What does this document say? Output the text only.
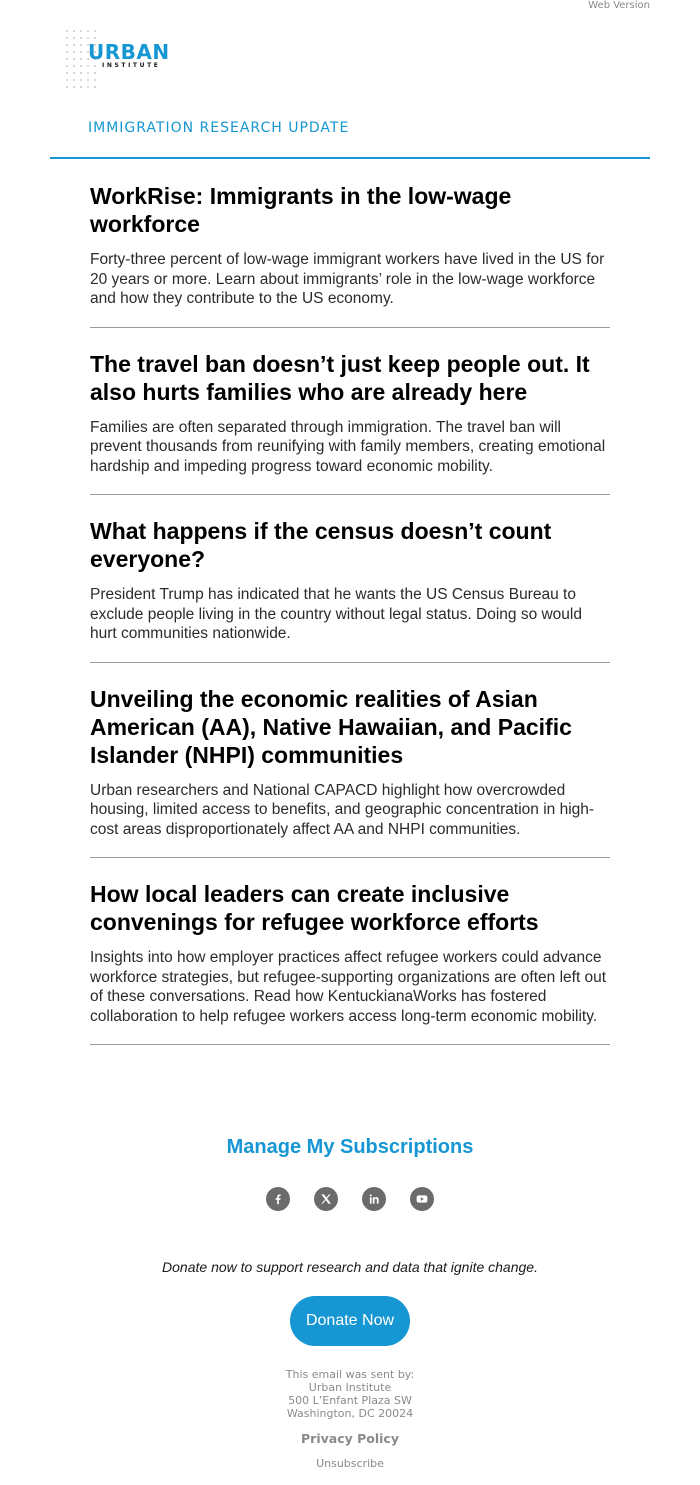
Web Version
URBAN
INSTITUTE
IMMIGRATION RESEARCH UPDATE
WorkRise: Immigrants in the low-wage workforce

Forty-three percent of low-wage immigrant workers have lived in the US for 20 years or more. Learn about immigrants’ role in the low-wage workforce and how they contribute to the US economy.

The travel ban doesn’t just keep people out. It also hurts families who are already here

Families are often separated through immigration. The travel ban will prevent thousands from reunifying with family members, creating emotional hardship and impeding progress toward economic mobility.

What happens if the census doesn’t count everyone?

President Trump has indicated that he wants the US Census Bureau to exclude people living in the country without legal status. Doing so would hurt communities nationwide.

Unveiling the economic realities of Asian American (AA), Native Hawaiian, and Pacific Islander (NHPI) communities

Urban researchers and National CAPACD highlight how overcrowded housing, limited access to benefits, and geographic concentration in high-cost areas disproportionately affect AA and NHPI communities.

How local leaders can create inclusive convenings for refugee workforce efforts

Insights into how employer practices affect refugee workers could advance workforce strategies, but refugee-supporting organizations are often left out of these conversations. Read how KentuckianaWorks has fostered collaboration to help refugee workers access long-term economic mobility.

Manage My Subscriptions
Donate now to support research and data that ignite change.
Donate Now
This email was sent by:
Urban Institute
500 L’Enfant Plaza SW
Washington, DC 20024
Privacy Policy
Unsubscribe
